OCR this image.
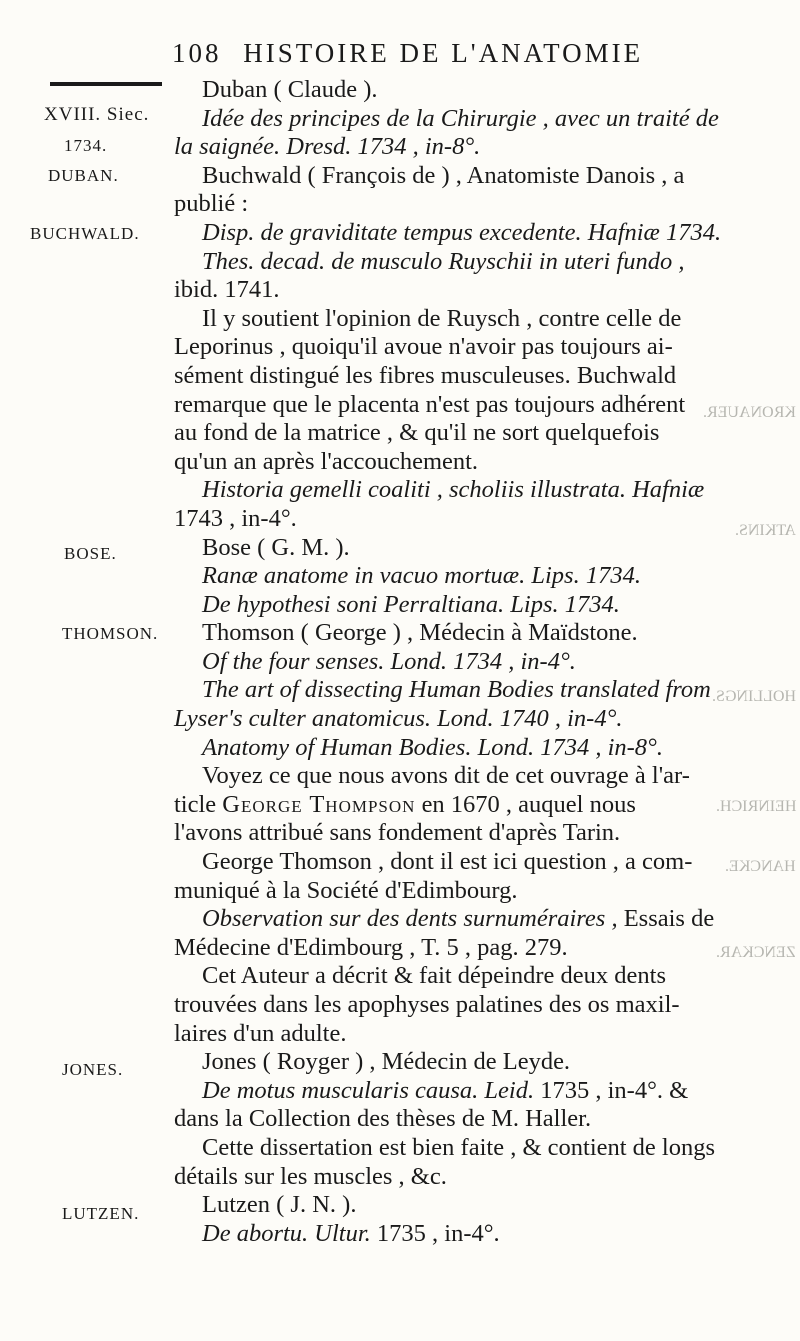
108 HISTOIRE DE L'ANATOMIE
KRONAUER.
ATKINS.
HOLLINGS.
HEINRICH.
HANCKE.
ZENCKAR.
XVIII. Siec.
1734.
DUBAN.
BUCHWALD.
BOSE.
THOMSON.
JONES.
LUTZEN.
Duban ( Claude ).
Idée des principes de la Chirurgie , avec un traité de
la saignée. Dresd. 1734 , in-8°.
Buchwald ( François de ) , Anatomiste Danois , a
publié :
Disp. de graviditate tempus excedente. Hafniæ 1734.
Thes. decad. de musculo Ruyschii in uteri fundo ,
ibid. 1741.
Il y soutient l'opinion de Ruysch , contre celle de
Leporinus , quoiqu'il avoue n'avoir pas toujours ai-
sément distingué les fibres musculeuses. Buchwald
remarque que le placenta n'est pas toujours adhérent
au fond de la matrice , & qu'il ne sort quelquefois
qu'un an après l'accouchement.
Historia gemelli coaliti , scholiis illustrata. Hafniæ
1743 , in-4°.
Bose ( G. M. ).
Ranæ anatome in vacuo mortuæ. Lips. 1734.
De hypothesi soni Perraltiana. Lips. 1734.
Thomson ( George ) , Médecin à Maïdstone.
Of the four senses. Lond. 1734 , in-4°.
The art of dissecting Human Bodies translated from
Lyser's culter anatomicus. Lond. 1740 , in-4°.
Anatomy of Human Bodies. Lond. 1734 , in-8°.
Voyez ce que nous avons dit de cet ouvrage à l'ar-
ticle George Thompson en 1670 , auquel nous
l'avons attribué sans fondement d'après Tarin.
George Thomson , dont il est ici question , a com-
muniqué à la Société d'Edimbourg.
Observation sur des dents surnuméraires , Essais de
Médecine d'Edimbourg , T. 5 , pag. 279.
Cet Auteur a décrit & fait dépeindre deux dents
trouvées dans les apophyses palatines des os maxil-
laires d'un adulte.
Jones ( Royger ) , Médecin de Leyde.
De motus muscularis causa. Leid. 1735 , in-4°. &
dans la Collection des thèses de M. Haller.
Cette dissertation est bien faite , & contient de longs
détails sur les muscles , &c.
Lutzen ( J. N. ).
De abortu. Ultur. 1735 , in-4°.
